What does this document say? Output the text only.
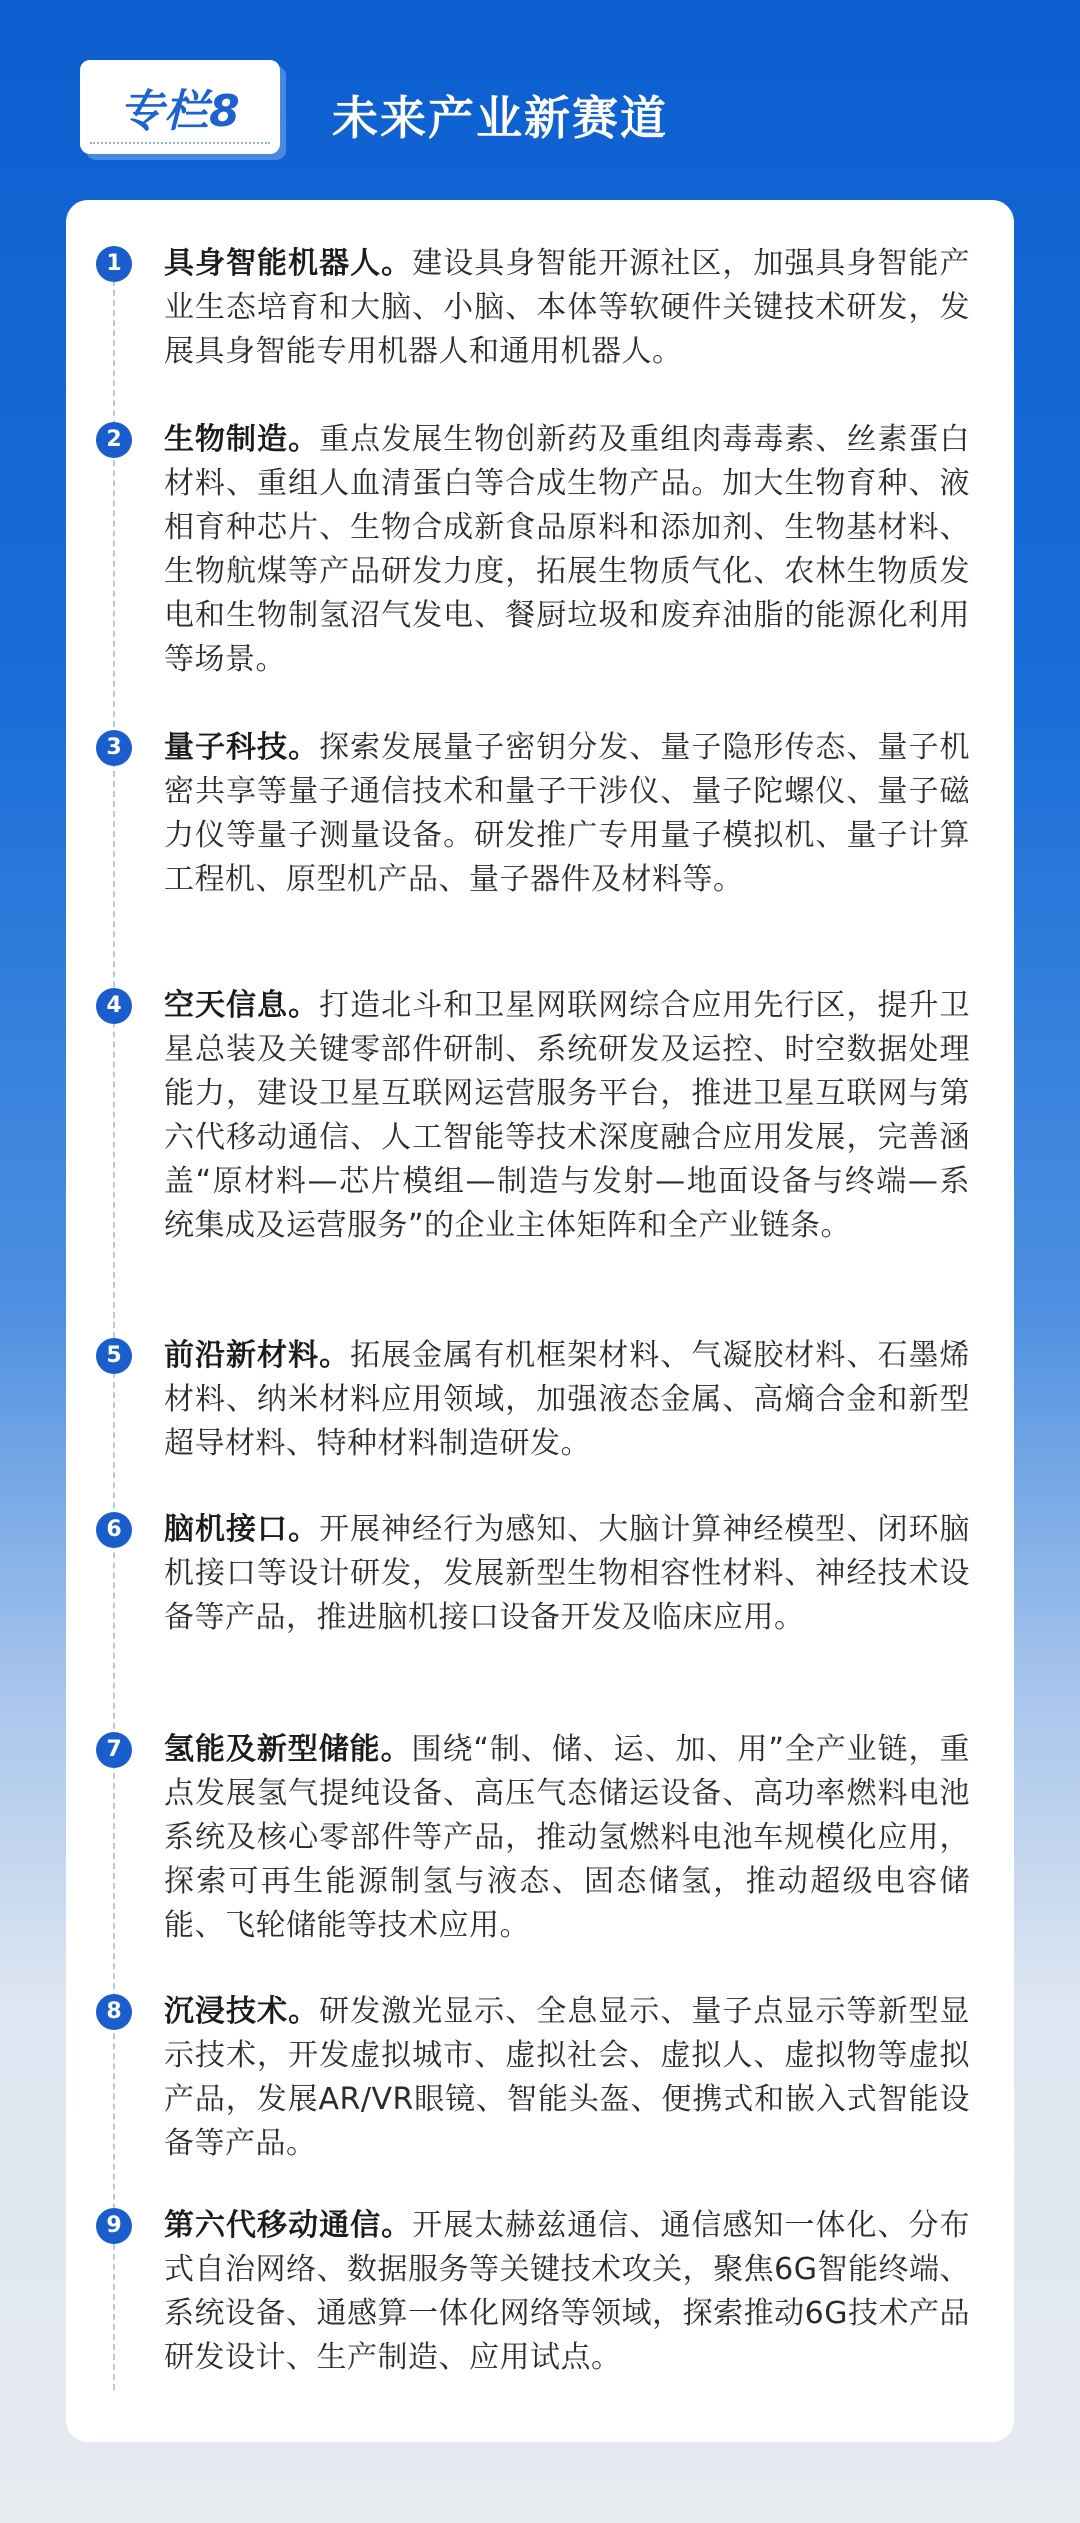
专栏8 未来产业新赛道
1	具身智能机器人。建设具身智能开源社区，加强具身智能产业生态培育和大脑、小脑、本体等软硬件关键技术研发，发展具身智能专用机器人和通用机器人。
2	生物制造。重点发展生物创新药及重组肉毒毒素、丝素蛋白材料、重组人血清蛋白等合成生物产品。加大生物育种、液相育种芯片、生物合成新食品原料和添加剂、生物基材料、生物航煤等产品研发力度，拓展生物质气化、农林生物质发电和生物制氢沼气发电、餐厨垃圾和废弃油脂的能源化利用等场景。
3	量子科技。探索发展量子密钥分发、量子隐形传态、量子机密共享等量子通信技术和量子干涉仪、量子陀螺仪、量子磁力仪等量子测量设备。研发推广专用量子模拟机、量子计算工程机、原型机产品、量子器件及材料等。
4	空天信息。打造北斗和卫星网联网综合应用先行区，提升卫星总装及关键零部件研制、系统研发及运控、时空数据处理能力，建设卫星互联网运营服务平台，推进卫星互联网与第六代移动通信、人工智能等技术深度融合应用发展，完善涵盖“原材料—芯片模组—制造与发射—地面设备与终端—系统集成及运营服务”的企业主体矩阵和全产业链条。
5	前沿新材料。拓展金属有机框架材料、气凝胶材料、石墨烯材料、纳米材料应用领域，加强液态金属、高熵合金和新型超导材料、特种材料制造研发。
6	脑机接口。开展神经行为感知、大脑计算神经模型、闭环脑机接口等设计研发，发展新型生物相容性材料、神经技术设备等产品，推进脑机接口设备开发及临床应用。
7	氢能及新型储能。围绕“制、储、运、加、用”全产业链，重点发展氢气提纯设备、高压气态储运设备、高功率燃料电池系统及核心零部件等产品，推动氢燃料电池车规模化应用，探索可再生能源制氢与液态、固态储氢，推动超级电容储能、飞轮储能等技术应用。
8	沉浸技术。研发激光显示、全息显示、量子点显示等新型显示技术，开发虚拟城市、虚拟社会、虚拟人、虚拟物等虚拟产品，发展AR/VR眼镜、智能头盔、便携式和嵌入式智能设备等产品。
9	第六代移动通信。开展太赫兹通信、通信感知一体化、分布式自治网络、数据服务等关键技术攻关，聚焦6G智能终端、系统设备、通感算一体化网络等领域，探索推动6G技术产品研发设计、生产制造、应用试点。
